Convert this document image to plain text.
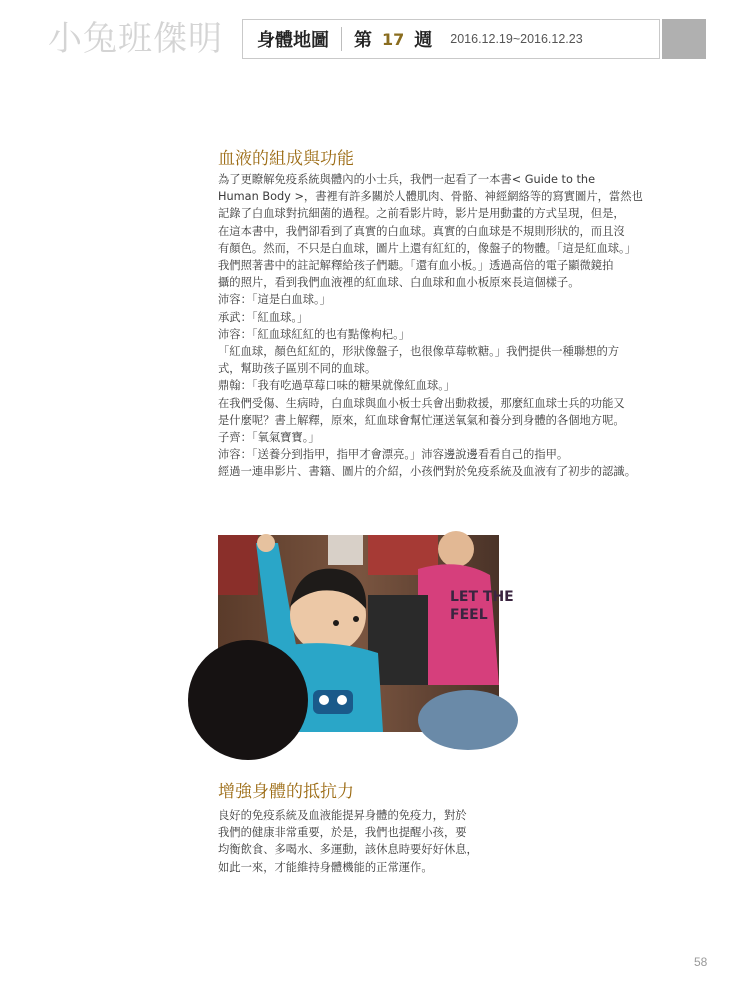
小兔班傑明 身體地圖 第 17 週 2016.12.19~2016.12.23
血液的組成與功能

為了更瞭解免疫系統與體內的小士兵，我們一起看了一本書< Guide to the

Human Body >，書裡有許多關於人體肌肉、骨骼、神經網絡等的寫實圖片，當然也

記錄了白血球對抗細菌的過程。之前看影片時，影片是用動畫的方式呈現，但是，

在這本書中，我們卻看到了真實的白血球。真實的白血球是不規則形狀的，而且沒

有顏色。然而，不只是白血球，圖片上還有紅紅的，像盤子的物體。「這是紅血球。」

我們照著書中的註記解釋給孩子們聽。「還有血小板。」透過高倍的電子顯微鏡拍

攝的照片，看到我們血液裡的紅血球、白血球和血小板原來長這個樣子。

沛容：「這是白血球。」

承武：「紅血球。」

沛容：「紅血球紅紅的也有點像枸杞。」

「紅血球，顏色紅紅的，形狀像盤子，也很像草莓軟糖。」我們提供一種聯想的方

式，幫助孩子區別不同的血球。

鼎翰：「我有吃過草莓口味的糖果就像紅血球。」

在我們受傷、生病時，白血球與血小板士兵會出動救援，那麼紅血球士兵的功能又

是什麼呢？書上解釋，原來，紅血球會幫忙運送氧氣和養分到身體的各個地方呢。

子齊：「氧氣寶寶。」

沛容：「送養分到指甲，指甲才會漂亮。」沛容邊說邊看看自己的指甲。

經過一連串影片、書籍、圖片的介紹，小孩們對於免疫系統及血液有了初步的認識。

LET THE
FEEL
增強身體的抵抗力

良好的免疫系統及血液能提昇身體的免疫力，對於

我們的健康非常重要，於是，我們也提醒小孩，要

均衡飲食、多喝水、多運動，該休息時要好好休息，

如此一來，才能維持身體機能的正常運作。

58
